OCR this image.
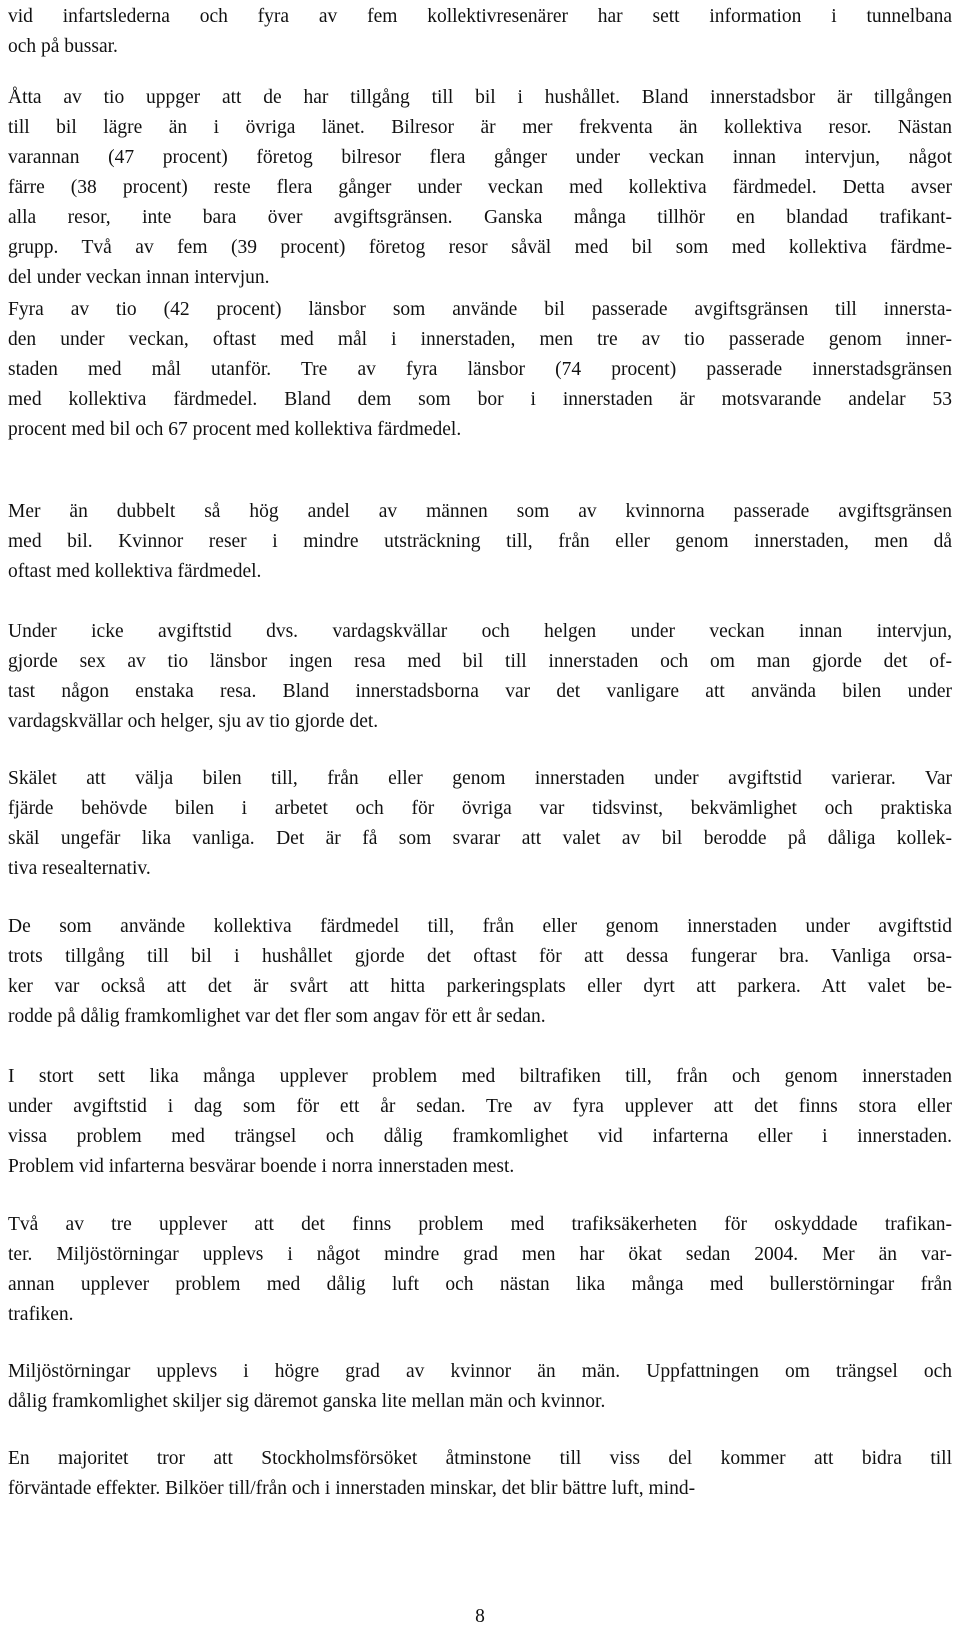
vid infartslederna och fyra av fem kollektivresenärer har sett information i tunnelbana
och på bussar.
Åtta av tio uppger att de har tillgång till bil i hushållet. Bland innerstadsbor är tillgången
till bil lägre än i övriga länet. Bilresor är mer frekventa än kollektiva resor. Nästan
varannan (47 procent) företog bilresor flera gånger under veckan innan intervjun, något
färre (38 procent) reste flera gånger under veckan med kollektiva färdmedel. Detta avser
alla resor, inte bara över avgiftsgränsen. Ganska många tillhör en blandad trafikant-
grupp. Två av fem (39 procent) företog resor såväl med bil som med kollektiva färdme-
del under veckan innan intervjun.
Fyra av tio (42 procent) länsbor som använde bil passerade avgiftsgränsen till innersta-
den under veckan, oftast med mål i innerstaden, men tre av tio passerade genom inner-
staden med mål utanför. Tre av fyra länsbor (74 procent) passerade innerstadsgränsen
med kollektiva färdmedel. Bland dem som bor i innerstaden är motsvarande andelar 53
procent med bil och 67 procent med kollektiva färdmedel.
Mer än dubbelt så hög andel av männen som av kvinnorna passerade avgiftsgränsen
med bil. Kvinnor reser i mindre utsträckning till, från eller genom innerstaden, men då
oftast med kollektiva färdmedel.
Under icke avgiftstid dvs. vardagskvällar och helgen under veckan innan intervjun,
gjorde sex av tio länsbor ingen resa med bil till innerstaden och om man gjorde det of-
tast någon enstaka resa. Bland innerstadsborna var det vanligare att använda bilen under
vardagskvällar och helger, sju av tio gjorde det.
Skälet att välja bilen till, från eller genom innerstaden under avgiftstid varierar. Var
fjärde behövde bilen i arbetet och för övriga var tidsvinst, bekvämlighet och praktiska
skäl ungefär lika vanliga. Det är få som svarar att valet av bil berodde på dåliga kollek-
tiva resealternativ.
De som använde kollektiva färdmedel till, från eller genom innerstaden under avgiftstid
trots tillgång till bil i hushållet gjorde det oftast för att dessa fungerar bra. Vanliga orsa-
ker var också att det är svårt att hitta parkeringsplats eller dyrt att parkera. Att valet be-
rodde på dålig framkomlighet var det fler som angav för ett år sedan.
I stort sett lika många upplever problem med biltrafiken till, från och genom innerstaden
under avgiftstid i dag som för ett år sedan. Tre av fyra upplever att det finns stora eller
vissa problem med trängsel och dålig framkomlighet vid infarterna eller i innerstaden.
Problem vid infarterna besvärar boende i norra innerstaden mest.
Två av tre upplever att det finns problem med trafiksäkerheten för oskyddade trafikan-
ter. Miljöstörningar upplevs i något mindre grad men har ökat sedan 2004. Mer än var-
annan upplever problem med dålig luft och nästan lika många med bullerstörningar från
trafiken.
Miljöstörningar upplevs i högre grad av kvinnor än män. Uppfattningen om trängsel och
dålig framkomlighet skiljer sig däremot ganska lite mellan män och kvinnor.
En majoritet tror att Stockholmsförsöket åtminstone till viss del kommer att bidra till
förväntade effekter. Bilköer till/från och i innerstaden minskar, det blir bättre luft, mind-
8
